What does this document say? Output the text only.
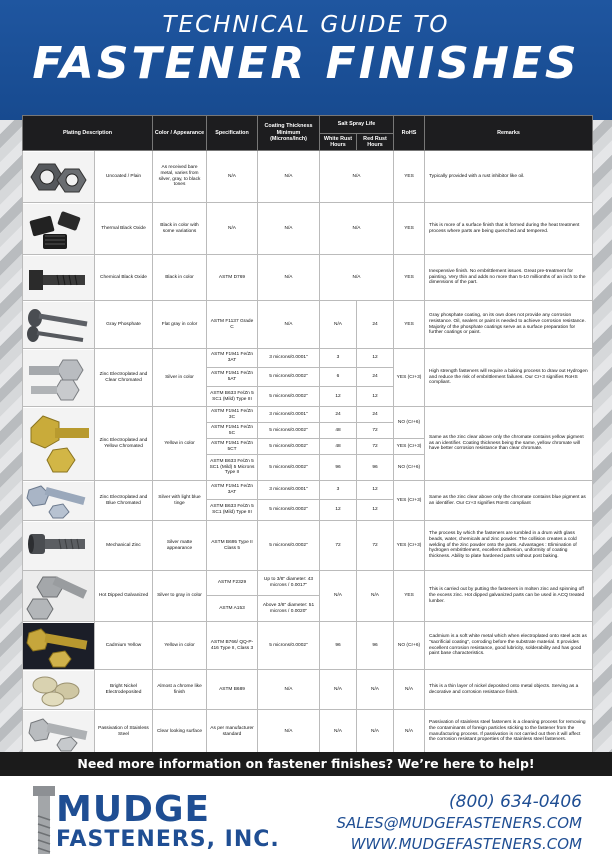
TECHNICAL GUIDE TO
FASTENER FINISHES
Plating Description		Color / Appearance	Specification	Coating Thickness Minimum (Microns/Inch)	Salt Spray Life		RoHS	Remarks
					White Rust Hours	Red Rust Hours		

	Uncoated / Plain	As received bare metal, varies from silver, gray, to black tones	N/A	N/A	N/A		YES	Typically provided with a rust inhibitor like oil.

	Thermal Black Oxide	Black in color with some variations	N/A	N/A	N/A		YES	This is more of a surface finish that is formed during the heat treatment process where parts are being quenched and tempered.

	Chemical Black Oxide	Black in color	ASTM D769	N/A	N/A		YES	Inexpensive finish. No embrittlement issues. Great pre-treatment for painting. Very thin and adds no more than 5-10 millionths of an inch to the dimensions of the part.

	Gray Phosphate	Flat gray in color	ASTM F1137 Grade C	N/A	N/A	24	YES	Gray phosphate coating, on its own does not provide any corrosion resistance. Oil, sealers or paint is needed to achieve corrosion resistance. Majority of the phosphate coatings serve as a surface preparation for further coatings or paint.

	Zinc Electroplated and Clear Chromated	Silver in color	ASTM F1941 Fe/Zn 3AT	3 microns/0.0001"	3	12	YES (Cr+3)	High strength fasteners will require a baking process to draw out Hydrogen and reduce the risk of embrittlement failures. Our Cr+3 signifies RoHS compliant.
			ASTM F1941 Fe/Zn 5AT	5 microns/0.0002"	6	24		
			ASTM B633 Fe/Zn 5 SC1 (Mild) Type III	5 microns/0.0002"	12	12		

	Zinc Electroplated and Yellow Chromated	Yellow in color	ASTM F1941 Fe/Zn 3C	3 microns/0.0001"	24	24	NO (Cr+6)	Same as the zinc clear above only the chromate contains yellow pigment as an identifier. Coating thickness being the same, yellow chromate will have better corrosion resistance than clear chromate.
			ASTM F1941 Fe/Zn 5C	5 microns/0.0002"	48	72		
			ASTM F1941 Fe/Zn 5CT	5 microns/0.0002"	48	72	YES (Cr+3)	
			ASTM B633 Fe/Zn 5 SC1 (Mild) 5 Microns Type II	5 microns/0.0002"	96	96	NO (Cr+6)	

	Zinc Electroplated and Blue Chromated	Silver with light blue tinge	ASTM F1941 Fe/Zn 3AT	3 microns/0.0001"	3	12	YES (Cr+3)	Same as the zinc clear above only the chromate contains blue pigment as an identifier. Our Cr+3 signifies RoHS compliant
			ASTM B633 Fe/Zn 5 SC1 (Mild) Type III	5 microns/0.0002"	12	12		

	Mechanical Zinc	Silver matte appearance	ASTM B695 Type II Class 5	5 microns/0.0002"	72	72	YES (Cr+3)	The process by which the fasteners are tumbled in a drum with glass beads, water, chemicals and zinc powder. The collision creates a cold welding of the zinc powder onto the parts. Advantages : Elimination of hydrogen embrittlement, excellent adhesion, uniformity of coating thickness. Ability to plate hardened parts without post baking.

	Hot Dipped Galvanized	Silver to gray in color	ASTM F2329	Up to 3/8" diameter: 43 microns / 0.0017"	N/A	N/A	YES	This is carried out by putting the fasteners in molten zinc and spinning off the excess zinc. Hot dipped galvanized parts can be used in ACQ treated lumber.
			ASTM A153	Above 3/8" diameter: 51 microns / 0.0020"				

	Cadmium Yellow	Yellow in color	ASTM B766/ QQ-P-416 Type II, Class 3	5 microns/0.0002"	96	96	NO (Cr+6)	Cadmium is a soft white metal which when electroplated onto steel acts as "sacrificial coating", corroding before the substrate material. It provides excellent corrosion resistance, good lubricity, solderability and has good paint base characteristics.

	Bright Nickel Electrodeposited	Almost a chrome like finish	ASTM B689	N/A	N/A	N/A	N/A	This is a thin layer of nickel deposited onto metal objects. Serving as a decorative and corrosion resistance finish.

	Passivation of Stainless Steel	Clear looking surface	As per manufacturer standard	N/A	N/A	N/A	N/A	Passivation of stainless steel fasteners is a cleaning process for removing the contaminants of foreign particles sticking to the fastener from the manufacturing process. If passivation is not carried out then it will affect the corrosion resistant properties of the stainless steel fasteners.
Need more information on fastener finishes? We’re here to help!
MUDGE
FASTENERS, INC.
(800) 634-0406
SALES@MUDGEFASTENERS.COM
WWW.MUDGEFASTENERS.COM
